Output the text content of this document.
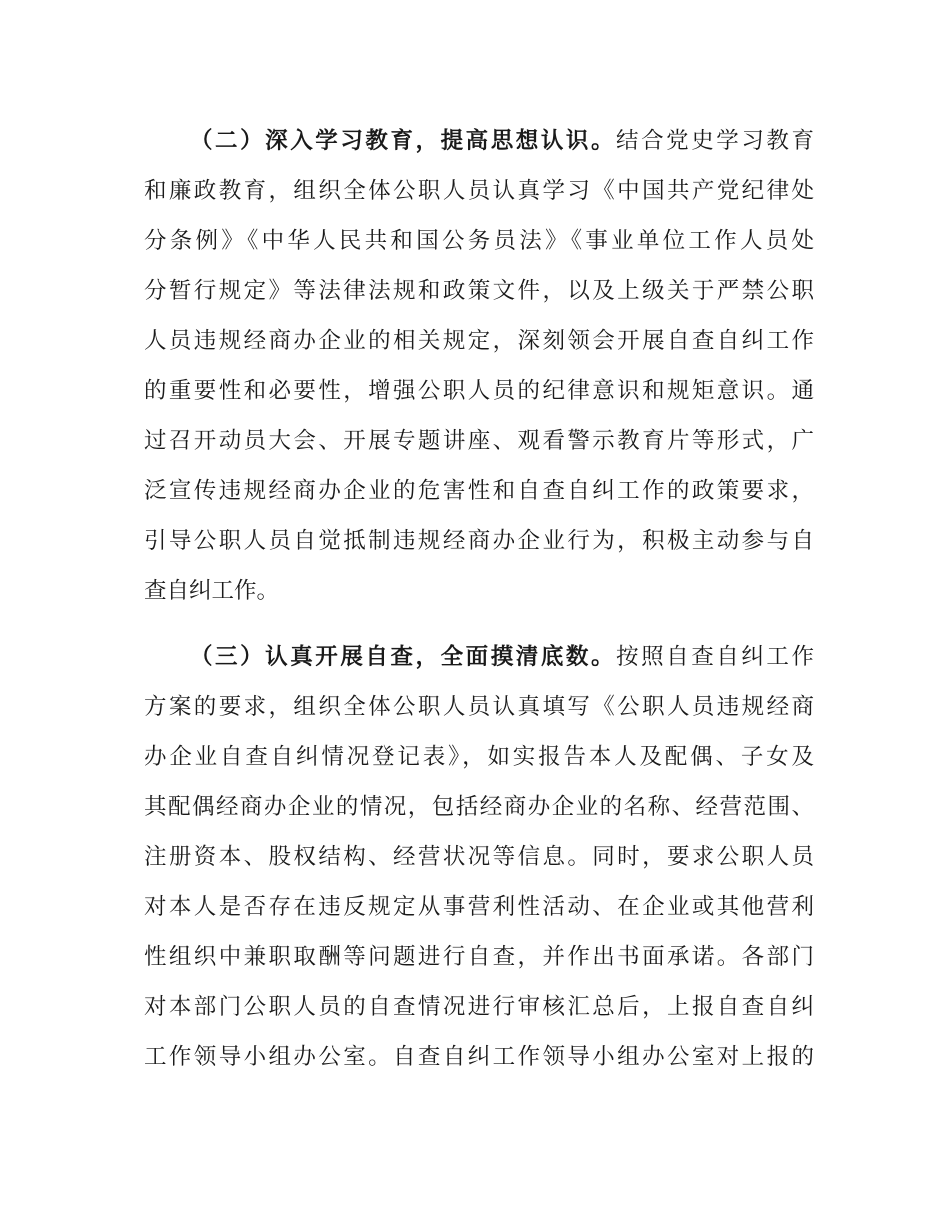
（二）深入学习教育，提高思想认识。结合党史学习教育
和廉政教育，组织全体公职人员认真学习《中国共产党纪律处
分条例》《中华人民共和国公务员法》《事业单位工作人员处
分暂行规定》等法律法规和政策文件，以及上级关于严禁公职
人员违规经商办企业的相关规定，深刻领会开展自查自纠工作
的重要性和必要性，增强公职人员的纪律意识和规矩意识。通
过召开动员大会、开展专题讲座、观看警示教育片等形式，广
泛宣传违规经商办企业的危害性和自查自纠工作的政策要求，
引导公职人员自觉抵制违规经商办企业行为，积极主动参与自
查自纠工作。
（三）认真开展自查，全面摸清底数。按照自查自纠工作
方案的要求，组织全体公职人员认真填写《公职人员违规经商
办企业自查自纠情况登记表》，如实报告本人及配偶、子女及
其配偶经商办企业的情况，包括经商办企业的名称、经营范围、
注册资本、股权结构、经营状况等信息。同时，要求公职人员
对本人是否存在违反规定从事营利性活动、在企业或其他营利
性组织中兼职取酬等问题进行自查，并作出书面承诺。各部门
对本部门公职人员的自查情况进行审核汇总后，上报自查自纠
工作领导小组办公室。自查自纠工作领导小组办公室对上报的
